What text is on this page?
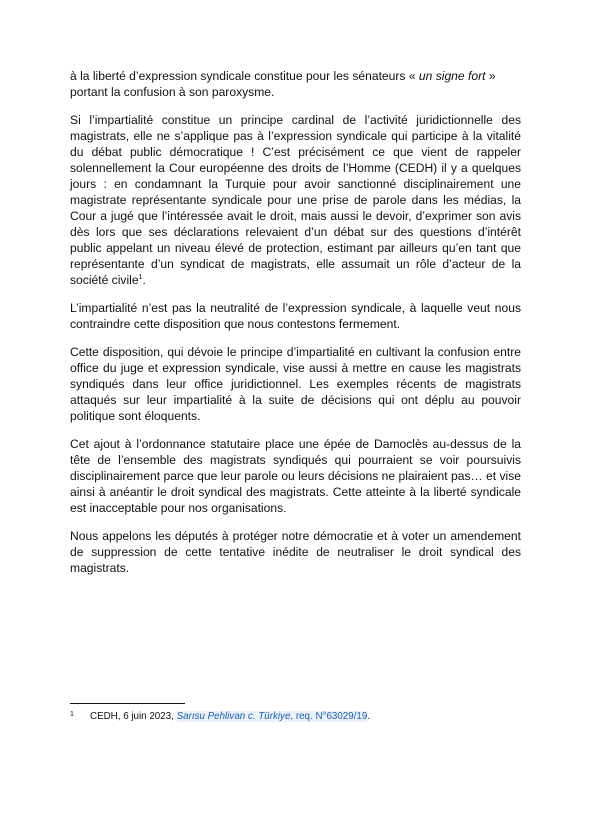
à la liberté d’expression syndicale constitue pour les sénateurs « un signe fort » portant la confusion à son paroxysme.

Si l’impartialité constitue un principe cardinal de l’activité juridictionnelle des magistrats, elle ne s’applique pas à l’expression syndicale qui participe à la vitalité du débat public démocratique ! C’est précisément ce que vient de rappeler solennellement la Cour européenne des droits de l’Homme (CEDH) il y a quelques jours : en condamnant la Turquie pour avoir sanctionné disciplinairement une magistrate représentante syndicale pour une prise de parole dans les médias, la Cour a jugé que l’intéressée avait le droit, mais aussi le devoir, d’exprimer son avis dès lors que ses déclarations relevaient d’un débat sur des questions d’intérêt public appelant un niveau élevé de protection, estimant par ailleurs qu’en tant que représentante d’un syndicat de magistrats, elle assumait un rôle d’acteur de la société civile$^1$.

L’impartialité n’est pas la neutralité de l’expression syndicale, à laquelle veut nous contraindre cette disposition que nous contestons fermement.

Cette disposition, qui dévoie le principe d’impartialité en cultivant la confusion entre office du juge et expression syndicale, vise aussi à mettre en cause les magistrats syndiqués dans leur office juridictionnel. Les exemples récents de magistrats attaqués sur leur impartialité à la suite de décisions qui ont déplu au pouvoir politique sont éloquents.

Cet ajout à l’ordonnance statutaire place une épée de Damoclès au-dessus de la tête de l’ensemble des magistrats syndiqués qui pourraient se voir poursuivis disciplinairement parce que leur parole ou leurs décisions ne plairaient pas… et vise ainsi à anéantir le droit syndical des magistrats. Cette atteinte à la liberté syndicale est inacceptable pour nos organisations.

Nous appelons les députés à protéger notre démocratie et à voter un amendement de suppression de cette tentative inédite de neutraliser le droit syndical des magistrats.

1 CEDH, 6 juin 2023, Sarısu Pehlivan c. Türkiye, req. N°63029/19.
